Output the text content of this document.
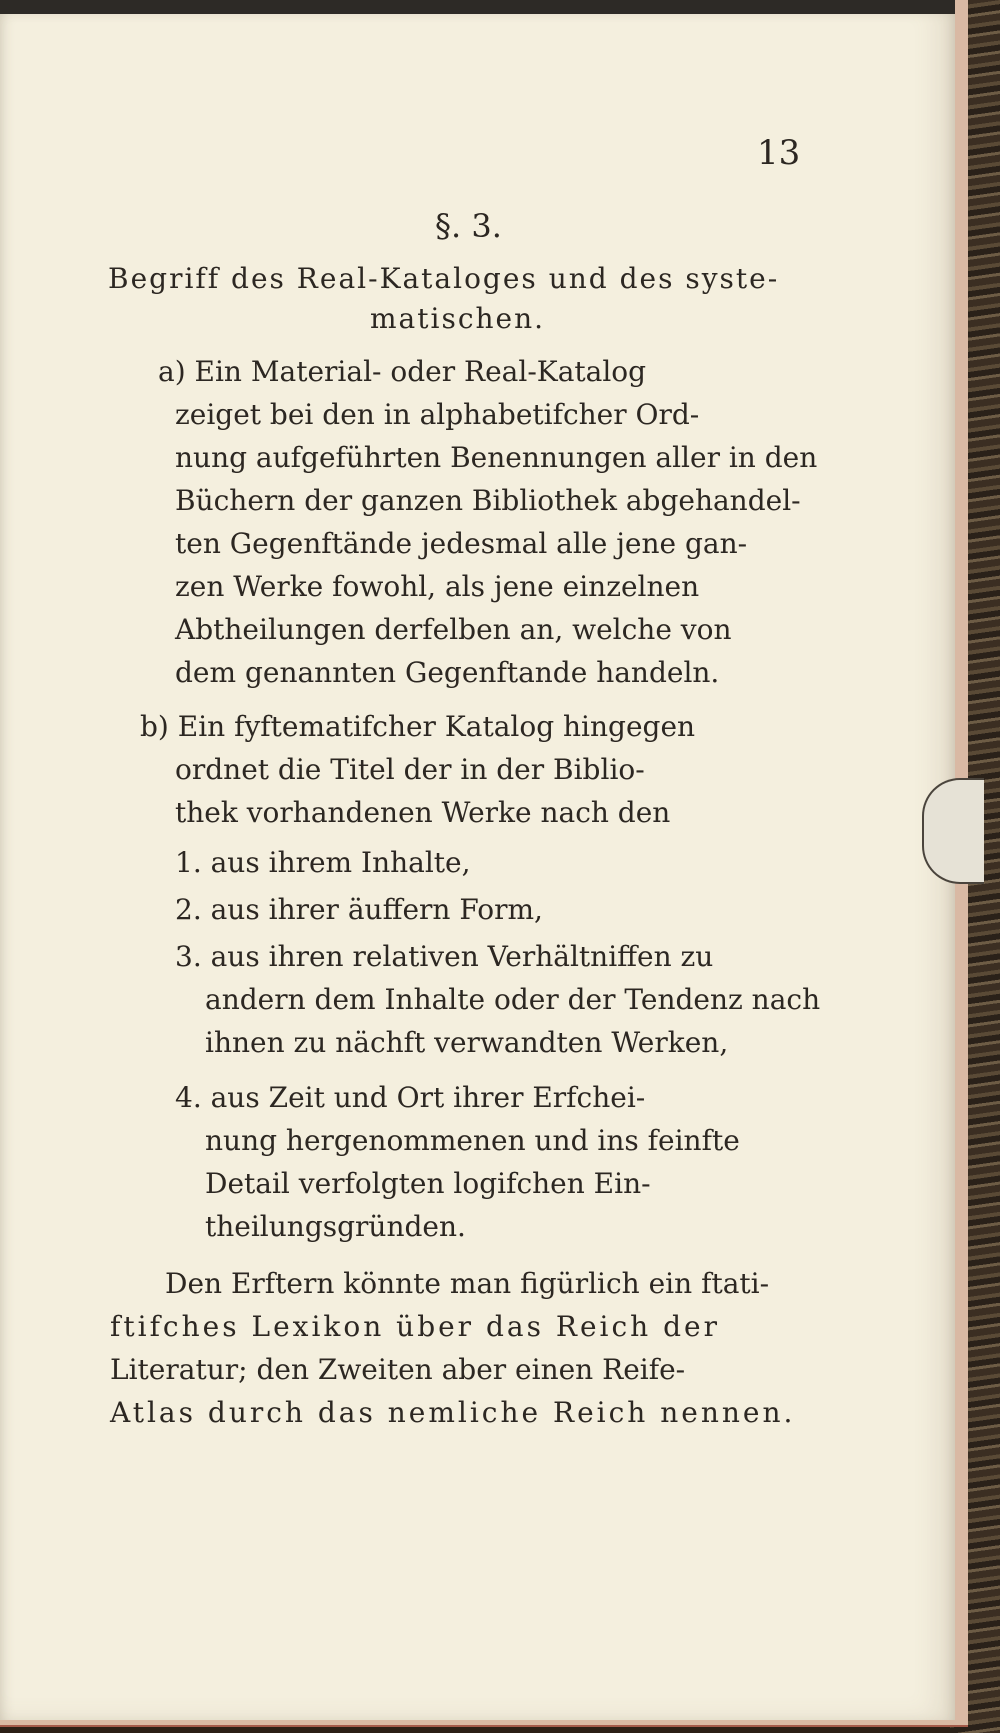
13
§. 3.
Begriff des Real-Kataloges und des syste-
matischen.
a) Ein Material- oder Real-Katalog
zeiget bei den in alphabetifcher Ord-
nung aufgeführten Benennungen aller in den
Büchern der ganzen Bibliothek abgehandel-
ten Gegenftände jedesmal alle jene gan-
zen Werke fowohl, als jene einzelnen
Abtheilungen derfelben an, welche von
dem genannten Gegenftande handeln.
b) Ein fyftematifcher Katalog hingegen
ordnet die Titel der in der Biblio-
thek vorhandenen Werke nach den
1. aus ihrem Inhalte,
2. aus ihrer äuffern Form,
3. aus ihren relativen Verhältniffen zu
andern dem Inhalte oder der Tendenz nach
ihnen zu nächft verwandten Werken,
4. aus Zeit und Ort ihrer Erfchei-
nung hergenommenen und ins feinfte
Detail verfolgten logifchen Ein-
theilungsgründen.
Den Erftern könnte man figürlich ein ftati-
ftifches Lexikon über das Reich der
Literatur; den Zweiten aber einen Reife-
Atlas durch das nemliche Reich nennen.
